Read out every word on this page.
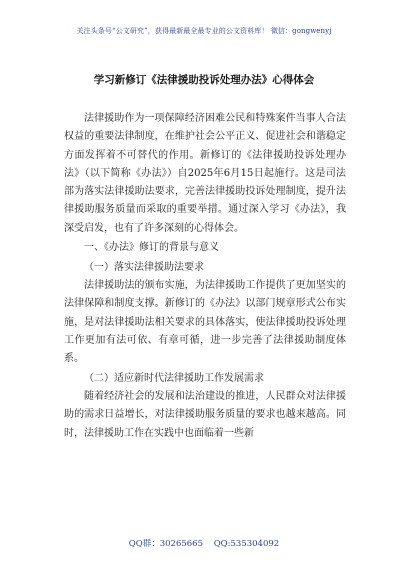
关注头条号“公文研究”，获得最新最全最专业的公文资料库！ 微信：gongwenyj
学习新修订《法律援助投诉处理办法》心得体会

法律援助作为一项保障经济困难公民和特殊案件当事人合法权益的重要法律制度，在维护社会公平正义、促进社会和谐稳定方面发挥着不可替代的作用。新修订的《法律援助投诉处理办法》（以下简称《办法》）自2025年6月15日起施行。这是司法部为落实法律援助法要求，完善法律援助投诉处理制度，提升法律援助服务质量而采取的重要举措。通过深入学习《办法》，我深受启发，也有了许多深刻的心得体会。

一、《办法》修订的背景与意义

（一）落实法律援助法要求

法律援助法的颁布实施，为法律援助工作提供了更加坚实的法律保障和制度支撑。新修订的《办法》以部门规章形式公布实施，是对法律援助法相关要求的具体落实，使法律援助投诉处理工作更加有法可依、有章可循，进一步完善了法律援助制度体系。

（二）适应新时代法律援助工作发展需求

随着经济社会的发展和法治建设的推进，人民群众对法律援助的需求日益增长，对法律援助服务质量的要求也越来越高。同时，法律援助工作在实践中也面临着一些新

QQ群：30265665 QQ:535304092
